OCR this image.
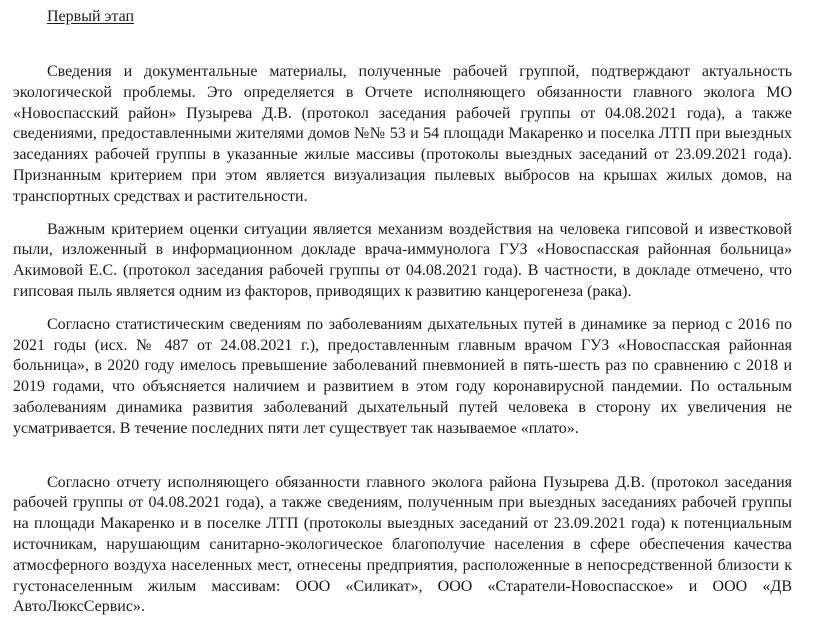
Первый этап

Сведения и документальные материалы, полученные рабочей группой, подтверждают актуальность экологической проблемы. Это определяется в Отчете исполняющего обязанности главного эколога МО «Новоспасский район» Пузырева Д.В. (протокол заседания рабочей группы от 04.08.2021 года), а также сведениями, предоставленными жителями домов №№ 53 и 54 площади Макаренко и поселка ЛТП при выездных заседаниях рабочей группы в указанные жилые массивы (протоколы выездных заседаний от 23.09.2021 года). Признанным критерием при этом является визуализация пылевых выбросов на крышах жилых домов, на транспортных средствах и растительности.

Важным критерием оценки ситуации является механизм воздействия на человека гипсовой и известковой пыли, изложенный в информационном докладе врача-иммунолога ГУЗ «Новоспасская районная больница» Акимовой Е.С. (протокол заседания рабочей группы от 04.08.2021 года). В частности, в докладе отмечено, что гипсовая пыль является одним из факторов, приводящих к развитию канцерогенеза (рака).

Согласно статистическим сведениям по заболеваниям дыхательных путей в динамике за период с 2016 по 2021 годы (исх. № 487 от 24.08.2021 г.), предоставленным главным врачом ГУЗ «Новоспасская районная больница», в 2020 году имелось превышение заболеваний пневмонией в пять-шесть раз по сравнению с 2018 и 2019 годами, что объясняется наличием и развитием в этом году коронавирусной пандемии. По остальным заболеваниям динамика развития заболеваний дыхательный путей человека в сторону их увеличения не усматривается. В течение последних пяти лет существует так называемое «плато».

Согласно отчету исполняющего обязанности главного эколога района Пузырева Д.В. (протокол заседания рабочей группы от 04.08.2021 года), а также сведениям, полученным при выездных заседаниях рабочей группы на площади Макаренко и в поселке ЛТП (протоколы выездных заседаний от 23.09.2021 года) к потенциальным источникам, нарушающим санитарно-экологическое благополучие населения в сфере обеспечения качества атмосферного воздуха населенных мест, отнесены предприятия, расположенные в непосредственной близости к густонаселенным жилым массивам: ООО «Силикат», ООО «Старатели-Новоспасское» и ООО «ДВ АвтоЛюксСервис».
